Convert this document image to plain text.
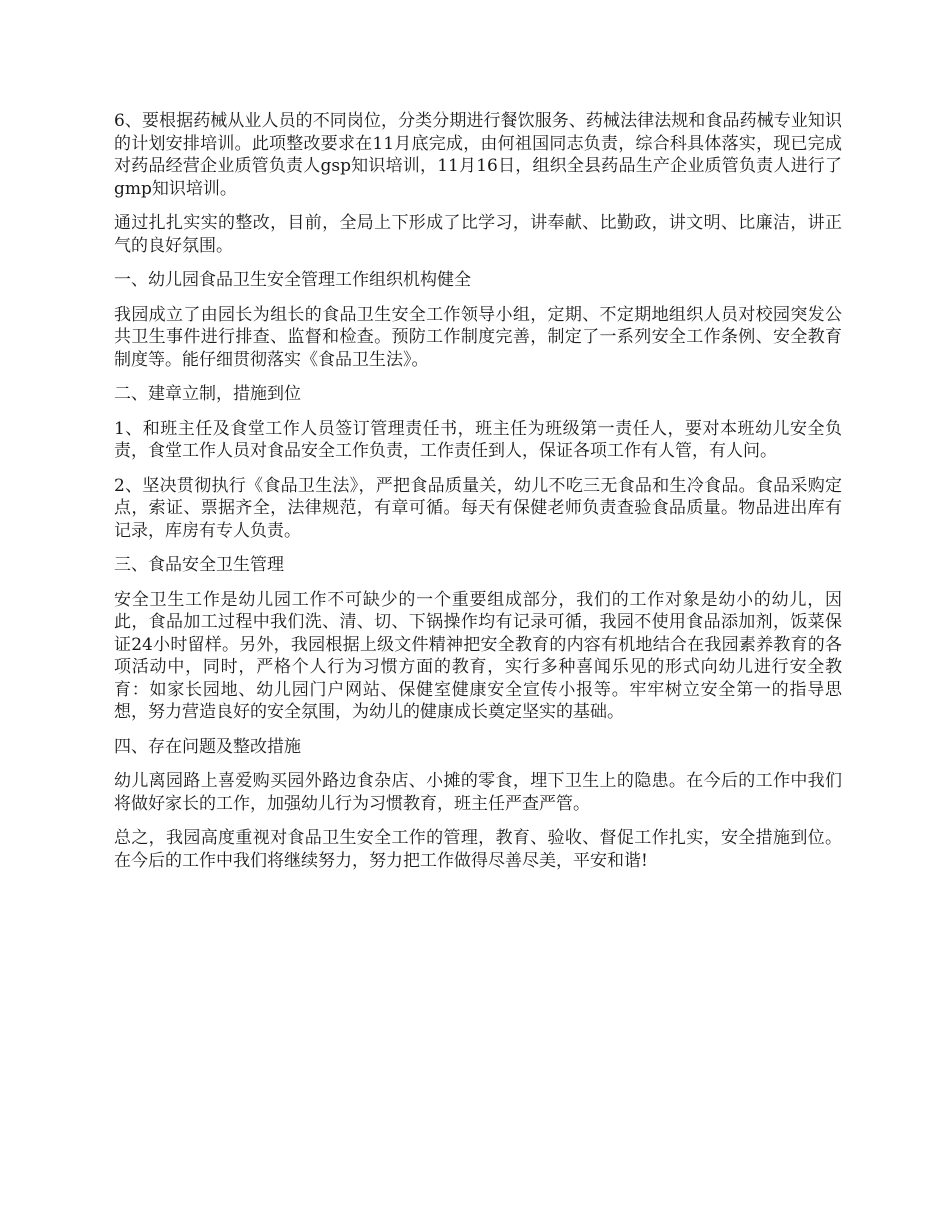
6、要根据药械从业人员的不同岗位，分类分期进行餐饮服务、药械法律法规和食品药械专业知识的计划安排培训。此项整改要求在11月底完成，由何祖国同志负责，综合科具体落实，现已完成对药品经营企业质管负责人gsp知识培训，11月16日，组织全县药品生产企业质管负责人进行了gmp知识培训。

通过扎扎实实的整改，目前，全局上下形成了比学习，讲奉献、比勤政，讲文明、比廉洁，讲正气的良好氛围。

一、幼儿园食品卫生安全管理工作组织机构健全

我园成立了由园长为组长的食品卫生安全工作领导小组，定期、不定期地组织人员对校园突发公共卫生事件进行排查、监督和检查。预防工作制度完善，制定了一系列安全工作条例、安全教育制度等。能仔细贯彻落实《食品卫生法》。

二、建章立制，措施到位

1、和班主任及食堂工作人员签订管理责任书，班主任为班级第一责任人，要对本班幼儿安全负责，食堂工作人员对食品安全工作负责，工作责任到人，保证各项工作有人管，有人问。

2、坚决贯彻执行《食品卫生法》，严把食品质量关，幼儿不吃三无食品和生冷食品。食品采购定点，索证、票据齐全，法律规范，有章可循。每天有保健老师负责查验食品质量。物品进出库有记录，库房有专人负责。

三、食品安全卫生管理

安全卫生工作是幼儿园工作不可缺少的一个重要组成部分，我们的工作对象是幼小的幼儿，因此，食品加工过程中我们洗、清、切、下锅操作均有记录可循，我园不使用食品添加剂，饭菜保证24小时留样。另外，我园根据上级文件精神把安全教育的内容有机地结合在我园素养教育的各项活动中，同时，严格个人行为习惯方面的教育，实行多种喜闻乐见的形式向幼儿进行安全教育：如家长园地、幼儿园门户网站、保健室健康安全宣传小报等。牢牢树立安全第一的指导思想，努力营造良好的安全氛围，为幼儿的健康成长奠定坚实的基础。

四、存在问题及整改措施

幼儿离园路上喜爱购买园外路边食杂店、小摊的零食，埋下卫生上的隐患。在今后的工作中我们将做好家长的工作，加强幼儿行为习惯教育，班主任严查严管。

总之，我园高度重视对食品卫生安全工作的管理，教育、验收、督促工作扎实，安全措施到位。在今后的工作中我们将继续努力，努力把工作做得尽善尽美，平安和谐!
